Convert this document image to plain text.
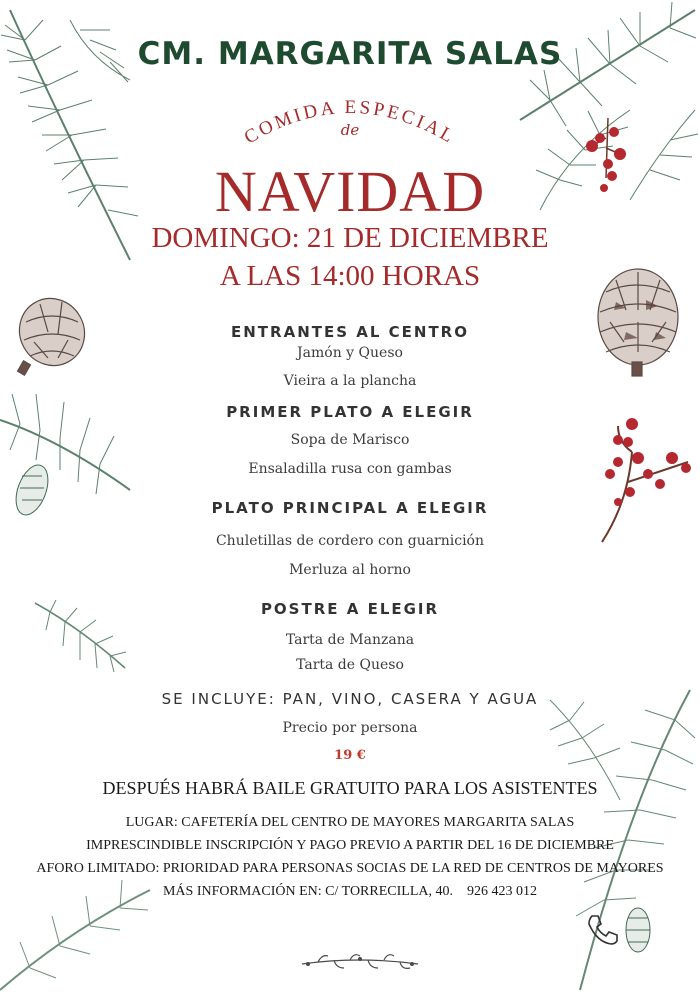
CM. MARGARITA SALAS
COMIDA ESPECIAL
de
NAVIDAD
DOMINGO: 21 DE DICIEMBRE
A LAS 14:00 HORAS
ENTRANTES AL CENTRO
Jamón y Queso
Vieira a la plancha
PRIMER PLATO A ELEGIR
Sopa de Marisco
Ensaladilla rusa con gambas
PLATO PRINCIPAL A ELEGIR
Chuletillas de cordero con guarnición
Merluza al horno
POSTRE A ELEGIR
Tarta de Manzana
Tarta de Queso
SE INCLUYE: PAN, VINO, CASERA Y AGUA
Precio por persona
19 €
DESPUÉS HABRÁ BAILE GRATUITO PARA LOS ASISTENTES
LUGAR: CAFETERÍA DEL CENTRO DE MAYORES MARGARITA SALAS
IMPRESCINDIBLE INSCRIPCIÓN Y PAGO PREVIO A PARTIR DEL 16 DE DICIEMBRE
AFORO LIMITADO: PRIORIDAD PARA PERSONAS SOCIAS DE LA RED DE CENTROS DE MAYORES
MÁS INFORMACIÓN EN: C/ TORRECILLA, 40. 926 423 012
